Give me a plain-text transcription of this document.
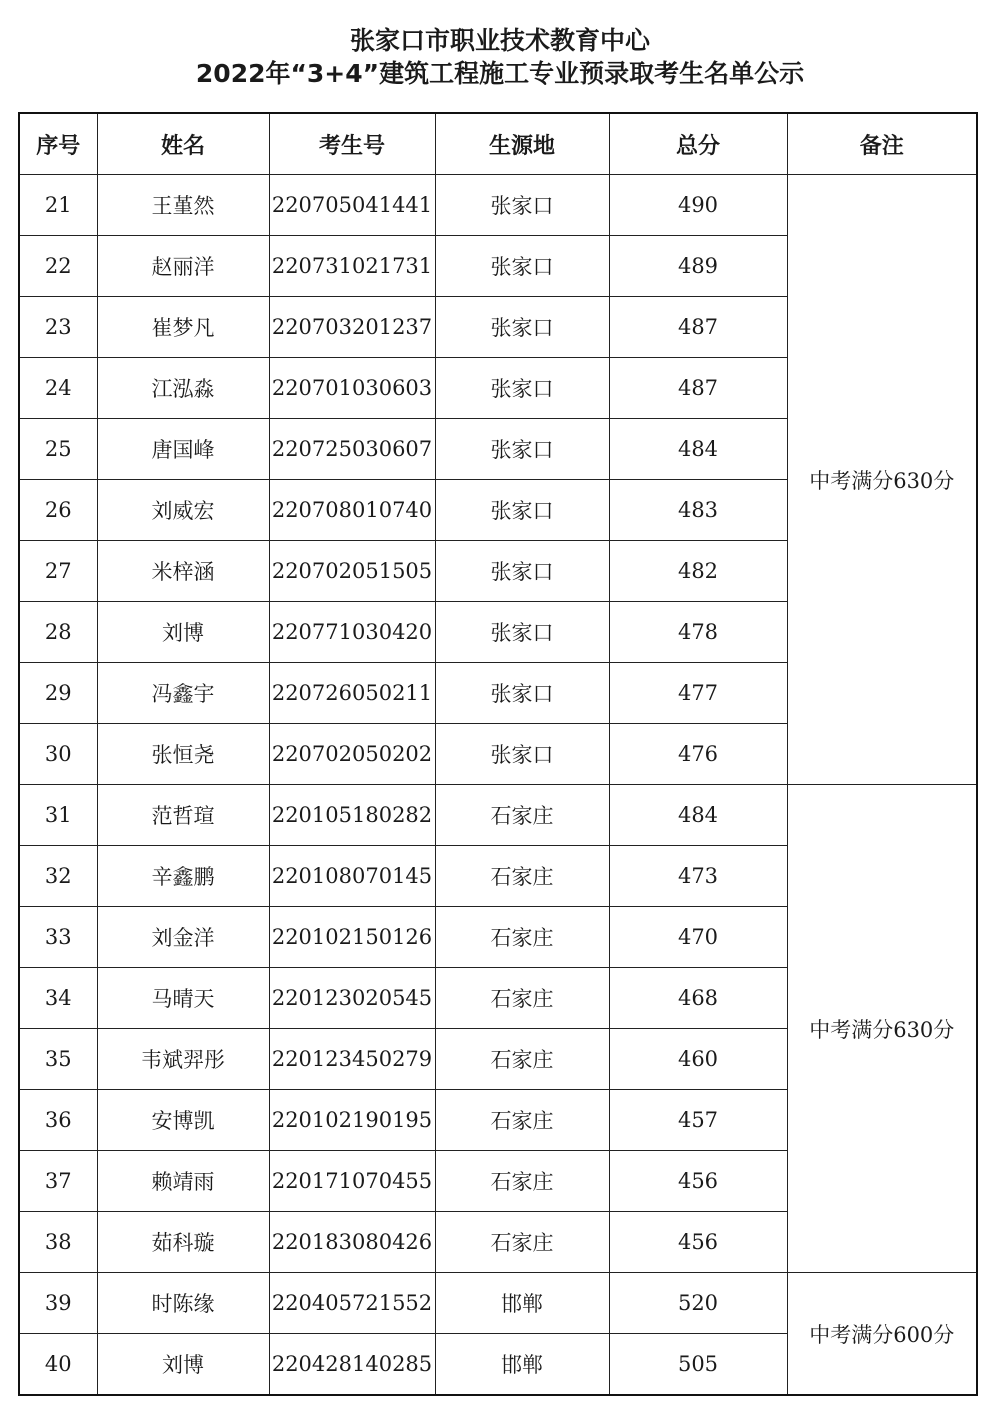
张家口市职业技术教育中心
2022年“3+4”建筑工程施工专业预录取考生名单公示
序号	姓名	考生号	生源地	总分	备注
21	王堇然	220705041441	张家口	490	中考满分630分
22	赵丽洋	220731021731	张家口	489	
23	崔梦凡	220703201237	张家口	487	
24	江泓淼	220701030603	张家口	487	
25	唐国峰	220725030607	张家口	484	
26	刘威宏	220708010740	张家口	483	
27	米梓涵	220702051505	张家口	482	
28	刘博	220771030420	张家口	478	
29	冯鑫宇	220726050211	张家口	477	
30	张恒尧	220702050202	张家口	476	
31	范哲瑄	220105180282	石家庄	484	中考满分630分
32	辛鑫鹏	220108070145	石家庄	473	
33	刘金洋	220102150126	石家庄	470	
34	马晴天	220123020545	石家庄	468	
35	韦斌羿彤	220123450279	石家庄	460	
36	安博凯	220102190195	石家庄	457	
37	赖靖雨	220171070455	石家庄	456	
38	茹科璇	220183080426	石家庄	456	
39	时陈缘	220405721552	邯郸	520	中考满分600分
40	刘博	220428140285	邯郸	505	
